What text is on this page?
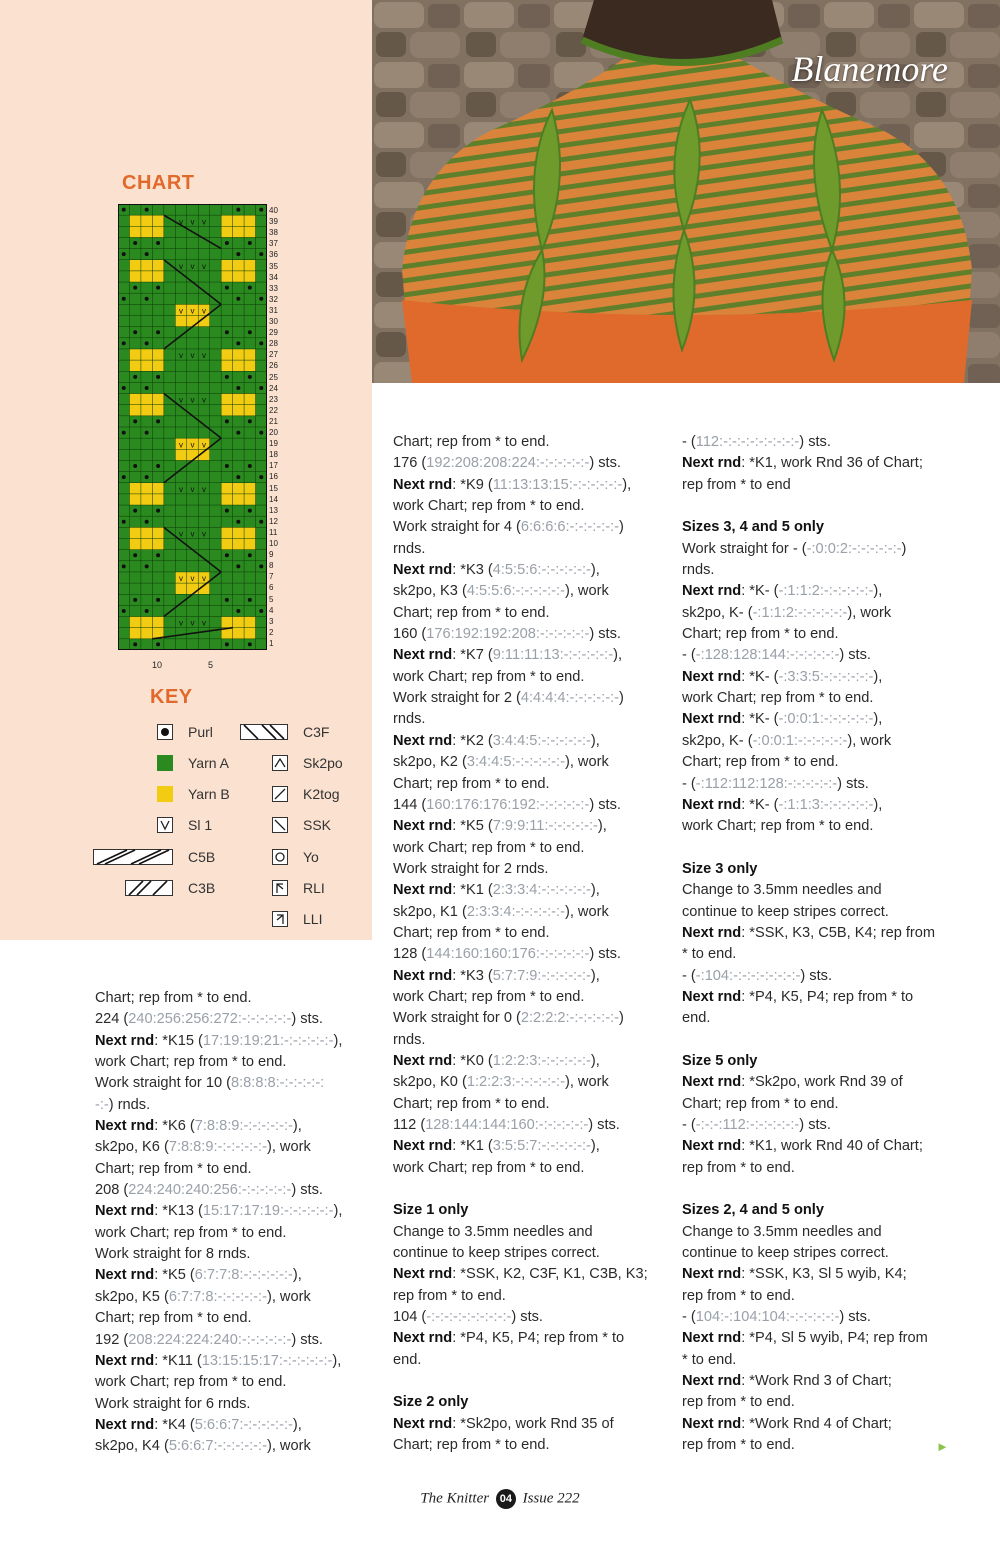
Blanemore
CHART
v v v
v v v
v v v
v v v
v v v
v v v
v v v
v v v
v v v
v v v
40
39
38
37
36
35
34
33
32
31
30
29
28
27
26
25
24
23
22
21
20
19
18
17
16
15
14
13
12
11
10
9
8
7
6
5
4
3
2
1
10	5
KEY
Purl
Yarn A
Yarn B
Sl 1
C5B
C3B
C3F
Sk2po
K2tog
SSK
Yo
RLI
LLI

Chart; rep from * to end.

224 (240:256:256:272:-:-:-:-:-:-) sts.

Next rnd: *K15 (17:19:19:21:-:-:-:-:-:-),

work Chart; rep from * to end.

Work straight for 10 (8:8:8:8:-:-:-:-:-:

-:-) rnds.

Next rnd: *K6 (7:8:8:9:-:-:-:-:-:-),

sk2po, K6 (7:8:8:9:-:-:-:-:-:-), work

Chart; rep from * to end.

208 (224:240:240:256:-:-:-:-:-:-) sts.

Next rnd: *K13 (15:17:17:19:-:-:-:-:-:-),

work Chart; rep from * to end.

Work straight for 8 rnds.

Next rnd: *K5 (6:7:7:8:-:-:-:-:-:-),

sk2po, K5 (6:7:7:8:-:-:-:-:-:-), work

Chart; rep from * to end.

192 (208:224:224:240:-:-:-:-:-:-) sts.

Next rnd: *K11 (13:15:15:17:-:-:-:-:-:-),

work Chart; rep from * to end.

Work straight for 6 rnds.

Next rnd: *K4 (5:6:6:7:-:-:-:-:-:-),

sk2po, K4 (5:6:6:7:-:-:-:-:-:-), work

Chart; rep from * to end.

176 (192:208:208:224:-:-:-:-:-:-) sts.

Next rnd: *K9 (11:13:13:15:-:-:-:-:-:-),

work Chart; rep from * to end.

Work straight for 4 (6:6:6:6:-:-:-:-:-:-)

rnds.

Next rnd: *K3 (4:5:5:6:-:-:-:-:-:-),

sk2po, K3 (4:5:5:6:-:-:-:-:-:-), work

Chart; rep from * to end.

160 (176:192:192:208:-:-:-:-:-:-) sts.

Next rnd: *K7 (9:11:11:13:-:-:-:-:-:-),

work Chart; rep from * to end.

Work straight for 2 (4:4:4:4:-:-:-:-:-:-)

rnds.

Next rnd: *K2 (3:4:4:5:-:-:-:-:-:-),

sk2po, K2 (3:4:4:5:-:-:-:-:-:-), work

Chart; rep from * to end.

144 (160:176:176:192:-:-:-:-:-:-) sts.

Next rnd: *K5 (7:9:9:11:-:-:-:-:-:-),

work Chart; rep from * to end.

Work straight for 2 rnds.

Next rnd: *K1 (2:3:3:4:-:-:-:-:-:-),

sk2po, K1 (2:3:3:4:-:-:-:-:-:-), work

Chart; rep from * to end.

128 (144:160:160:176:-:-:-:-:-:-) sts.

Next rnd: *K3 (5:7:7:9:-:-:-:-:-:-),

work Chart; rep from * to end.

Work straight for 0 (2:2:2:2:-:-:-:-:-:-)

rnds.

Next rnd: *K0 (1:2:2:3:-:-:-:-:-:-),

sk2po, K0 (1:2:2:3:-:-:-:-:-:-), work

Chart; rep from * to end.

112 (128:144:144:160:-:-:-:-:-:-) sts.

Next rnd: *K1 (3:5:5:7:-:-:-:-:-:-),

work Chart; rep from * to end.

Size 1 only

Change to 3.5mm needles and

continue to keep stripes correct.

Next rnd: *SSK, K2, C3F, K1, C3B, K3;

rep from * to end.

104 (-:-:-:-:-:-:-:-:-:-) sts.

Next rnd: *P4, K5, P4; rep from * to

end.

Size 2 only

Next rnd: *Sk2po, work Rnd 35 of

Chart; rep from * to end.

- (112:-:-:-:-:-:-:-:-:-) sts.

Next rnd: *K1, work Rnd 36 of Chart;

rep from * to end

Sizes 3, 4 and 5 only

Work straight for - (-:0:0:2:-:-:-:-:-:-)

rnds.

Next rnd: *K- (-:1:1:2:-:-:-:-:-:-),

sk2po, K- (-:1:1:2:-:-:-:-:-:-), work

Chart; rep from * to end.

- (-:128:128:144:-:-:-:-:-:-) sts.

Next rnd: *K- (-:3:3:5:-:-:-:-:-:-),

work Chart; rep from * to end.

Next rnd: *K- (-:0:0:1:-:-:-:-:-:-),

sk2po, K- (-:0:0:1:-:-:-:-:-:-), work

Chart; rep from * to end.

- (-:112:112:128:-:-:-:-:-:-) sts.

Next rnd: *K- (-:1:1:3:-:-:-:-:-:-),

work Chart; rep from * to end.

Size 3 only

Change to 3.5mm needles and

continue to keep stripes correct.

Next rnd: *SSK, K3, C5B, K4; rep from

* to end.

- (-:104:-:-:-:-:-:-:-:-) sts.

Next rnd: *P4, K5, P4; rep from * to

end.

Size 5 only

Next rnd: *Sk2po, work Rnd 39 of

Chart; rep from * to end.

- (-:-:-:112:-:-:-:-:-:-) sts.

Next rnd: *K1, work Rnd 40 of Chart;

rep from * to end.

Sizes 2, 4 and 5 only

Change to 3.5mm needles and

continue to keep stripes correct.

Next rnd: *SSK, K3, Sl 5 wyib, K4;

rep from * to end.

- (104:-:104:104:-:-:-:-:-:-) sts.

Next rnd: *P4, Sl 5 wyib, P4; rep from

* to end.

Next rnd: *Work Rnd 3 of Chart;

rep from * to end.

Next rnd: *Work Rnd 4 of Chart;

rep from * to end.	►
The Knitter 04 Issue 222
